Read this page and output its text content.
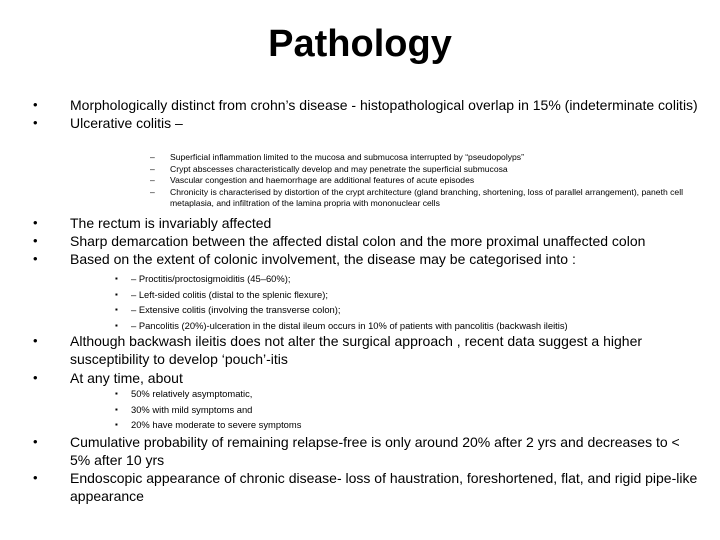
Pathology
• Morphologically distinct from crohn’s disease - histopathological overlap in 15% (indeterminate colitis)
• Ulcerative colitis –
– Superficial inflammation limited to the mucosa and submucosa interrupted by “pseudopolyps”
– Crypt abscesses characteristically develop and may penetrate the superficial submucosa
– Vascular congestion and haemorrhage are additional features of acute episodes
– Chronicity is characterised by distortion of the crypt architecture (gland branching, shortening, loss of parallel arrangement), paneth cell metaplasia, and infiltration of the lamina propria with mononuclear cells
• The rectum is invariably affected
• Sharp demarcation between the affected distal colon and the more proximal unaffected colon
• Based on the extent of colonic involvement, the disease may be categorised into :
▪ – Proctitis/proctosigmoiditis (45–60%);
▪ – Left-sided colitis (distal to the splenic flexure);
▪ – Extensive colitis (involving the transverse colon);
▪ – Pancolitis (20%)-ulceration in the distal ileum occurs in 10% of patients with pancolitis (backwash ileitis)
• Although backwash ileitis does not alter the surgical approach , recent data suggest a higher susceptibility to develop ‘pouch’-itis
• At any time, about
▪ 50% relatively asymptomatic,
▪ 30% with mild symptoms and
▪ 20% have moderate to severe symptoms
• Cumulative probability of remaining relapse-free is only around 20% after 2 yrs and decreases to < 5% after 10 yrs
• Endoscopic appearance of chronic disease- loss of haustration, foreshortened, flat, and rigid pipe-like appearance
